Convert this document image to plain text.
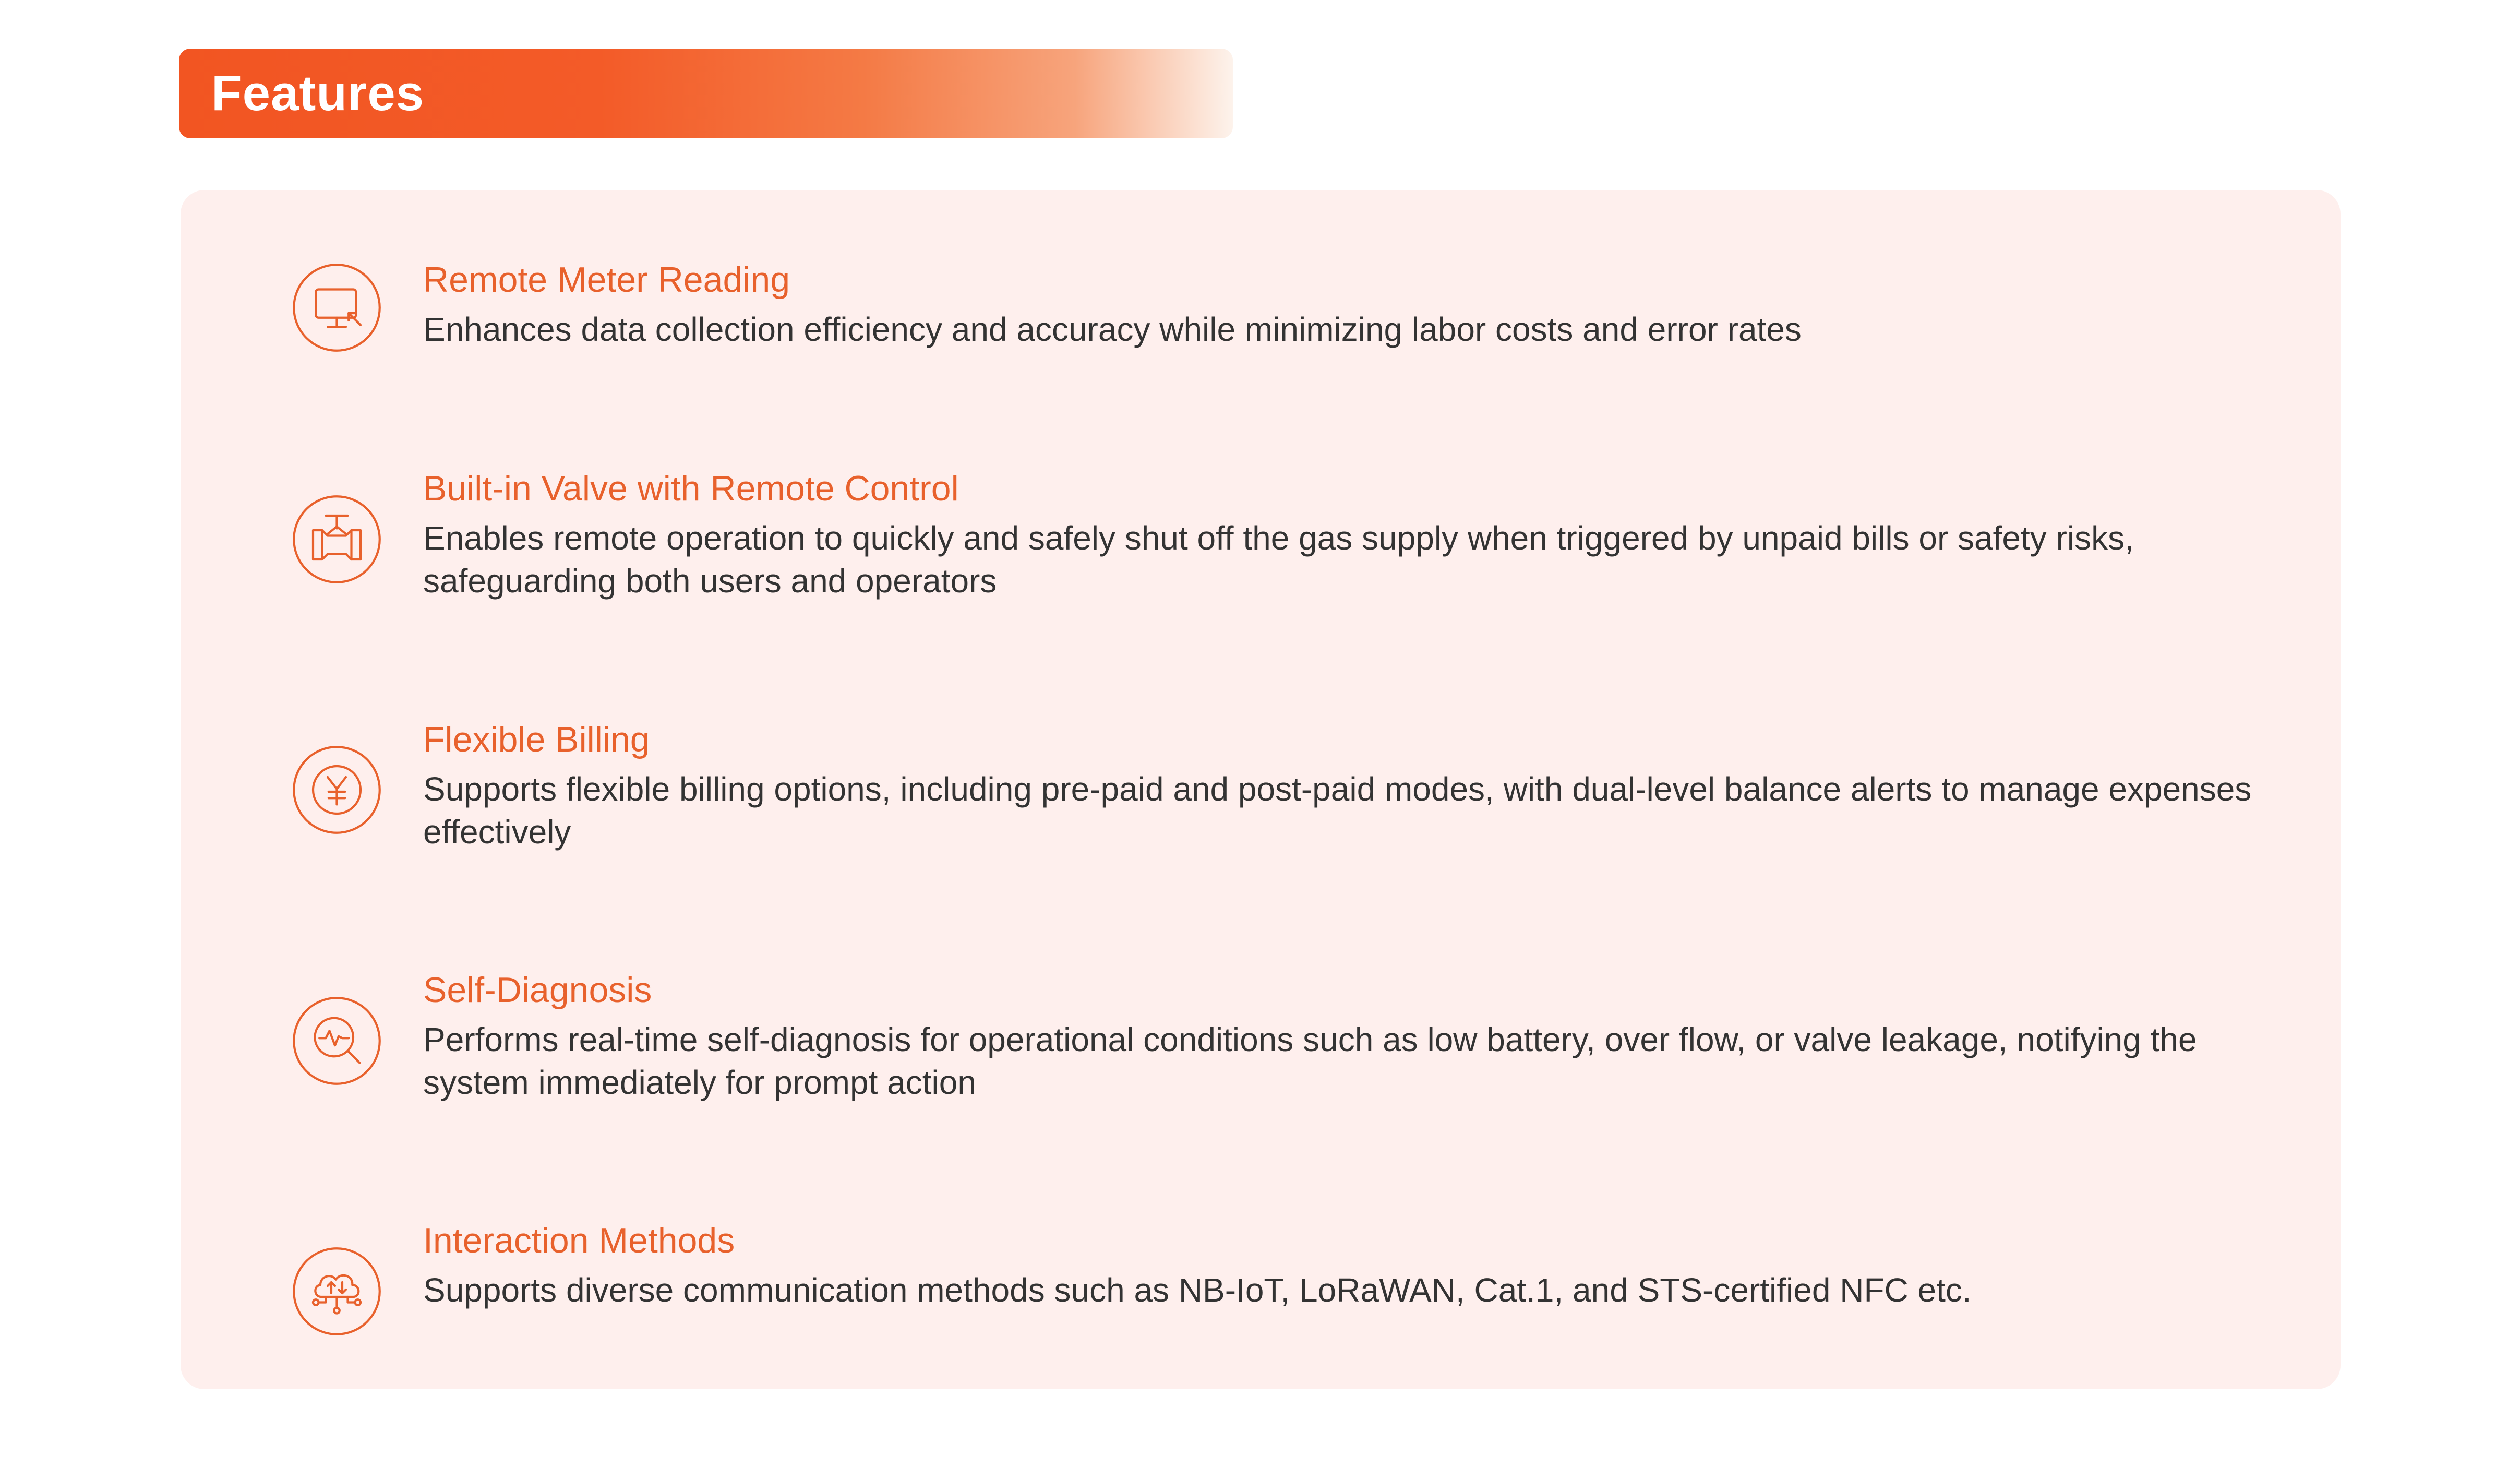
Features

Remote Meter Reading

Enhances data collection efficiency and accuracy while minimizing labor costs and error rates

Built-in Valve with Remote Control

Enables remote operation to quickly and safely shut off the gas supply when triggered by unpaid bills or safety risks, safeguarding both users and operators

Flexible Billing

Supports flexible billing options, including pre-paid and post-paid modes, with dual-level balance alerts to manage expenses effectively

Self-Diagnosis

Performs real-time self-diagnosis for operational conditions such as low battery, over flow, or valve leakage, notifying the system immediately for prompt action

Interaction Methods

Supports diverse communication methods such as NB-IoT, LoRaWAN, Cat.1, and STS-certified NFC etc.
